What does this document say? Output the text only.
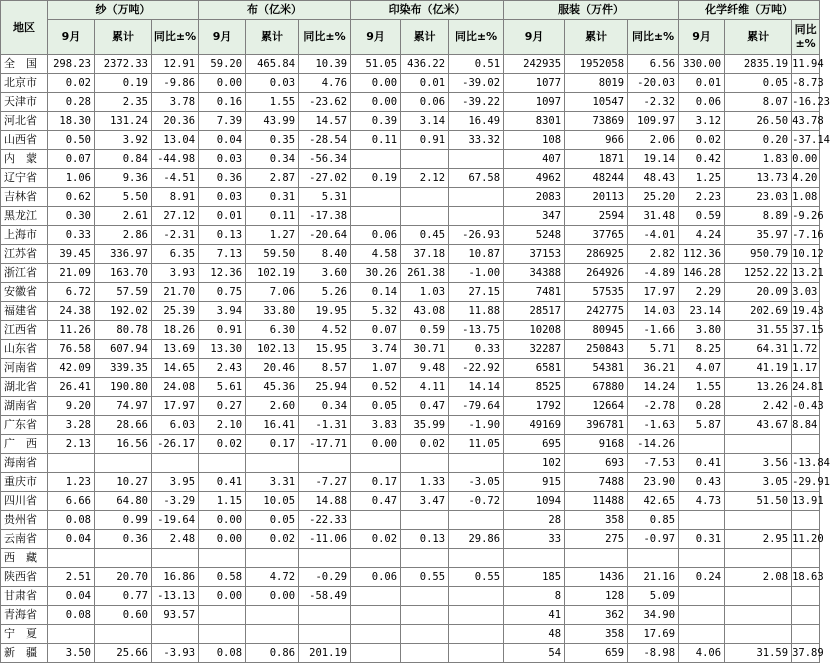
地区	纱（万吨）			布（亿米）			印染布（亿米）			服装（万件）			化学纤维（万吨）		
	9月	累计	同比±%	9月	累计	同比±%	9月	累计	同比±%	9月	累计	同比±%	9月	累计	同比±%
全　国	298.23	2372.33	12.91	59.20	465.84	10.39	51.05	436.22	0.51	242935	1952058	6.56	330.00	2835.19	11.94
北京市	0.02	0.19	-9.86	0.00	0.03	4.76	0.00	0.01	-39.02	1077	8019	-20.03	0.01	0.05	-8.73
天津市	0.28	2.35	3.78	0.16	1.55	-23.62	0.00	0.06	-39.22	1097	10547	-2.32	0.06	8.07	-16.23
河北省	18.30	131.24	20.36	7.39	43.99	14.57	0.39	3.14	16.49	8301	73869	109.97	3.12	26.50	43.78
山西省	0.50	3.92	13.04	0.04	0.35	-28.54	0.11	0.91	33.32	108	966	2.06	0.02	0.20	-37.14
内　蒙	0.07	0.84	-44.98	0.03	0.34	-56.34				407	1871	19.14	0.42	1.83	0.00
辽宁省	1.06	9.36	-4.51	0.36	2.87	-27.02	0.19	2.12	67.58	4962	48244	48.43	1.25	13.73	4.20
吉林省	0.62	5.50	8.91	0.03	0.31	5.31				2083	20113	25.20	2.23	23.03	1.08
黑龙江	0.30	2.61	27.12	0.01	0.11	-17.38				347	2594	31.48	0.59	8.89	-9.26
上海市	0.33	2.86	-2.31	0.13	1.27	-20.64	0.06	0.45	-26.93	5248	37765	-4.01	4.24	35.97	-7.16
江苏省	39.45	336.97	6.35	7.13	59.50	8.40	4.58	37.18	10.87	37153	286925	2.82	112.36	950.79	10.12
浙江省	21.09	163.70	3.93	12.36	102.19	3.60	30.26	261.38	-1.00	34388	264926	-4.89	146.28	1252.22	13.21
安徽省	6.72	57.59	21.70	0.75	7.06	5.26	0.14	1.03	27.15	7481	57535	17.97	2.29	20.09	3.03
福建省	24.38	192.02	25.39	3.94	33.80	19.95	5.32	43.08	11.88	28517	242775	14.03	23.14	202.69	19.43
江西省	11.26	80.78	18.26	0.91	6.30	4.52	0.07	0.59	-13.75	10208	80945	-1.66	3.80	31.55	37.15
山东省	76.58	607.94	13.69	13.30	102.13	15.95	3.74	30.71	0.33	32287	250843	5.71	8.25	64.31	1.72
河南省	42.09	339.35	14.65	2.43	20.46	8.57	1.07	9.48	-22.92	6581	54381	36.21	4.07	41.19	1.17
湖北省	26.41	190.80	24.08	5.61	45.36	25.94	0.52	4.11	14.14	8525	67880	14.24	1.55	13.26	24.81
湖南省	9.20	74.97	17.97	0.27	2.60	0.34	0.05	0.47	-79.64	1792	12664	-2.78	0.28	2.42	-0.43
广东省	3.28	28.66	6.03	2.10	16.41	-1.31	3.83	35.99	-1.90	49169	396781	-1.63	5.87	43.67	8.84
广　西	2.13	16.56	-26.17	0.02	0.17	-17.71	0.00	0.02	11.05	695	9168	-14.26			
海南省										102	693	-7.53	0.41	3.56	-13.84
重庆市	1.23	10.27	3.95	0.41	3.31	-7.27	0.17	1.33	-3.05	915	7488	23.90	0.43	3.05	-29.91
四川省	6.66	64.80	-3.29	1.15	10.05	14.88	0.47	3.47	-0.72	1094	11488	42.65	4.73	51.50	13.91
贵州省	0.08	0.99	-19.64	0.00	0.05	-22.33				28	358	0.85			
云南省	0.04	0.36	2.48	0.00	0.02	-11.06	0.02	0.13	29.86	33	275	-0.97	0.31	2.95	11.20
西　藏															
陕西省	2.51	20.70	16.86	0.58	4.72	-0.29	0.06	0.55	0.55	185	1436	21.16	0.24	2.08	18.63
甘肃省	0.04	0.77	-13.13	0.00	0.00	-58.49				8	128	5.09			
青海省	0.08	0.60	93.57							41	362	34.90			
宁　夏										48	358	17.69			
新　疆	3.50	25.66	-3.93	0.08	0.86	201.19				54	659	-8.98	4.06	31.59	37.89
